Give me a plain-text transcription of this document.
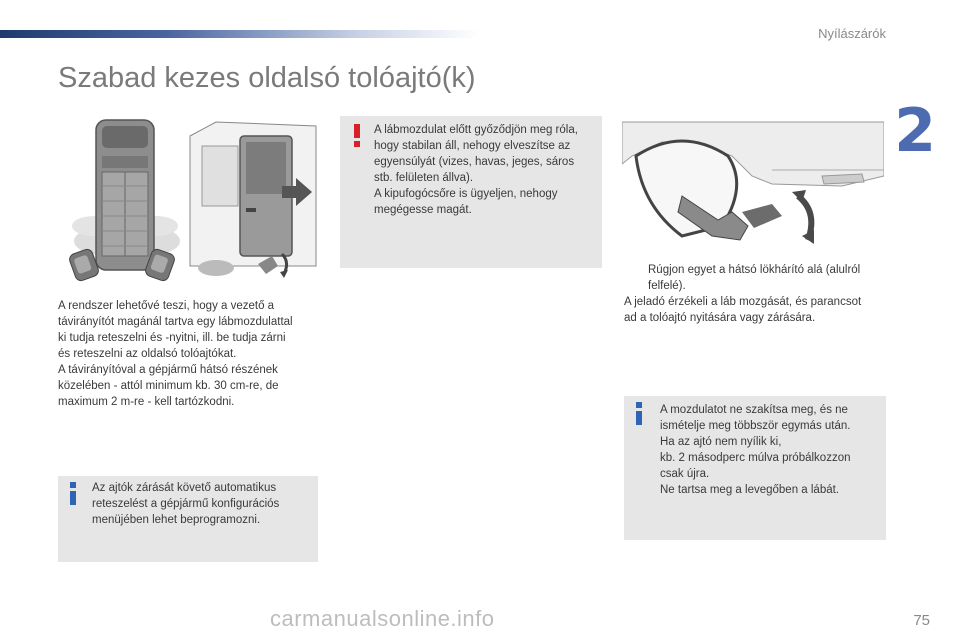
Nyílászárók
2
Szabad kezes oldalsó tolóajtó(k)

A lábmozdulat előtt győződjön meg róla,
hogy stabilan áll, nehogy elveszítse az
egyensúlyát (vizes, havas, jeges, sáros
stb. felületen állva).
A kipufogócsőre is ügyeljen, nehogy
megégesse magát.

A rendszer lehetővé teszi, hogy a vezető a
távirányítót magánál tartva egy lábmozdulattal
ki tudja reteszelni és -nyitni, ill. be tudja zárni
és reteszelni az oldalsó tolóajtókat.
A távirányítóval a gépjármű hátsó részének
közelében - attól minimum kb. 30 cm-re, de
maximum 2 m-re - kell tartózkodni.

Rúgjon egyet a hátsó lökhárító alá (alulról
felfelé).

A jeladó érzékeli a láb mozgását, és parancsot
ad a tolóajtó nyitására vagy zárására.

Az ajtók zárását követő automatikus
reteszelést a gépjármű konfigurációs
menüjében lehet beprogramozni.

A mozdulatot ne szakítsa meg, és ne
ismételje meg többször egymás után.
Ha az ajtó nem nyílik ki,
kb. 2 másodperc múlva próbálkozzon
csak újra.
Ne tartsa meg a levegőben a lábát.

carmanualsonline.info	75
